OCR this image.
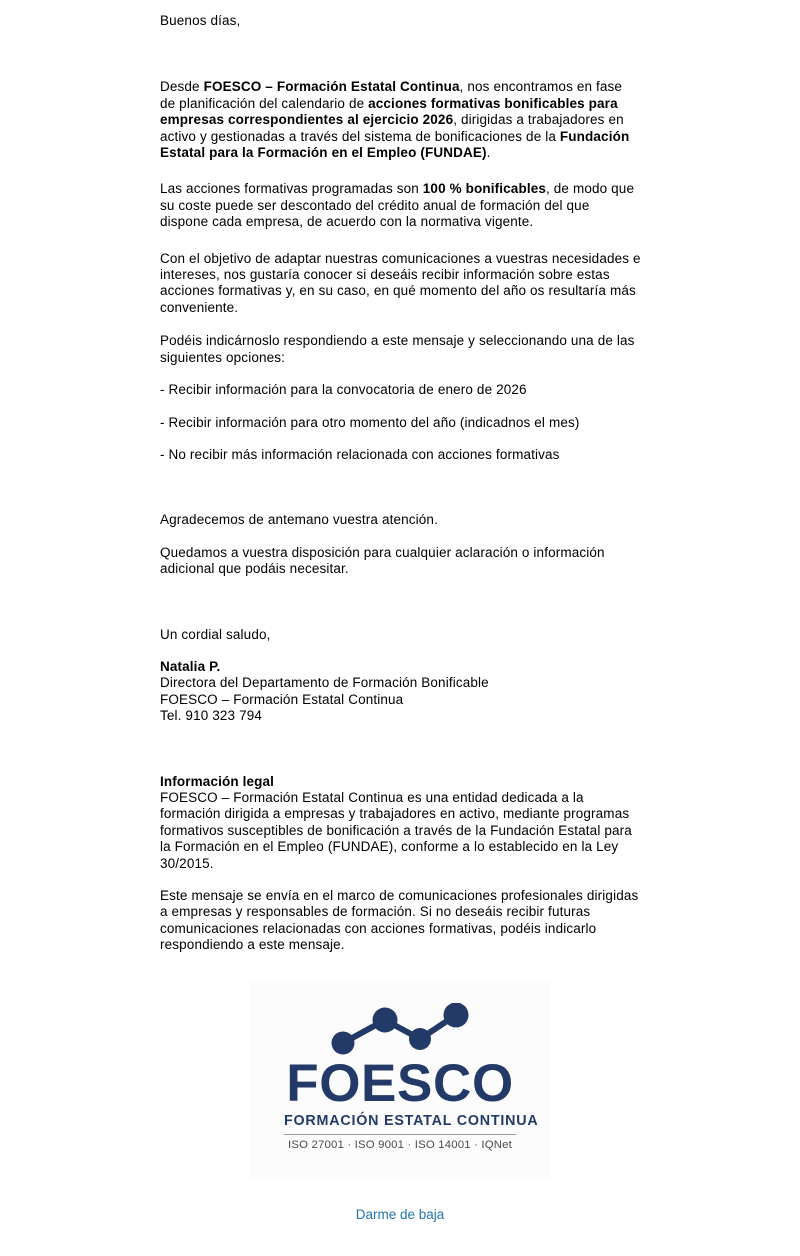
Buenos días,

Desde FOESCO – Formación Estatal Continua, nos encontramos en fase de planificación del calendario de acciones formativas bonificables para empresas correspondientes al ejercicio 2026, dirigidas a trabajadores en activo y gestionadas a través del sistema de bonificaciones de la Fundación Estatal para la Formación en el Empleo (FUNDAE).

Las acciones formativas programadas son 100 % bonificables, de modo que su coste puede ser descontado del crédito anual de formación del que dispone cada empresa, de acuerdo con la normativa vigente.

Con el objetivo de adaptar nuestras comunicaciones a vuestras necesidades e intereses, nos gustaría conocer si deseáis recibir información sobre estas acciones formativas y, en su caso, en qué momento del año os resultaría más conveniente.

Podéis indicárnoslo respondiendo a este mensaje y seleccionando una de las siguientes opciones:

- Recibir información para la convocatoria de enero de 2026

- Recibir información para otro momento del año (indicadnos el mes)

- No recibir más información relacionada con acciones formativas

Agradecemos de antemano vuestra atención.

Quedamos a vuestra disposición para cualquier aclaración o información adicional que podáis necesitar.

Un cordial saludo,

Natalia P.

Directora del Departamento de Formación Bonificable

FOESCO – Formación Estatal Continua

Tel. 910 323 794

Información legal

FOESCO – Formación Estatal Continua es una entidad dedicada a la formación dirigida a empresas y trabajadores en activo, mediante programas formativos susceptibles de bonificación a través de la Fundación Estatal para la Formación en el Empleo (FUNDAE), conforme a lo establecido en la Ley 30/2015.

Este mensaje se envía en el marco de comunicaciones profesionales dirigidas a empresas y responsables de formación. Si no deseáis recibir futuras comunicaciones relacionadas con acciones formativas, podéis indicarlo respondiendo a este mensaje.

FOESCO

FORMACIÓN ESTATAL CONTINUA

ISO 27001 · ISO 9001 · ISO 14001 · IQNet

Darme de baja
